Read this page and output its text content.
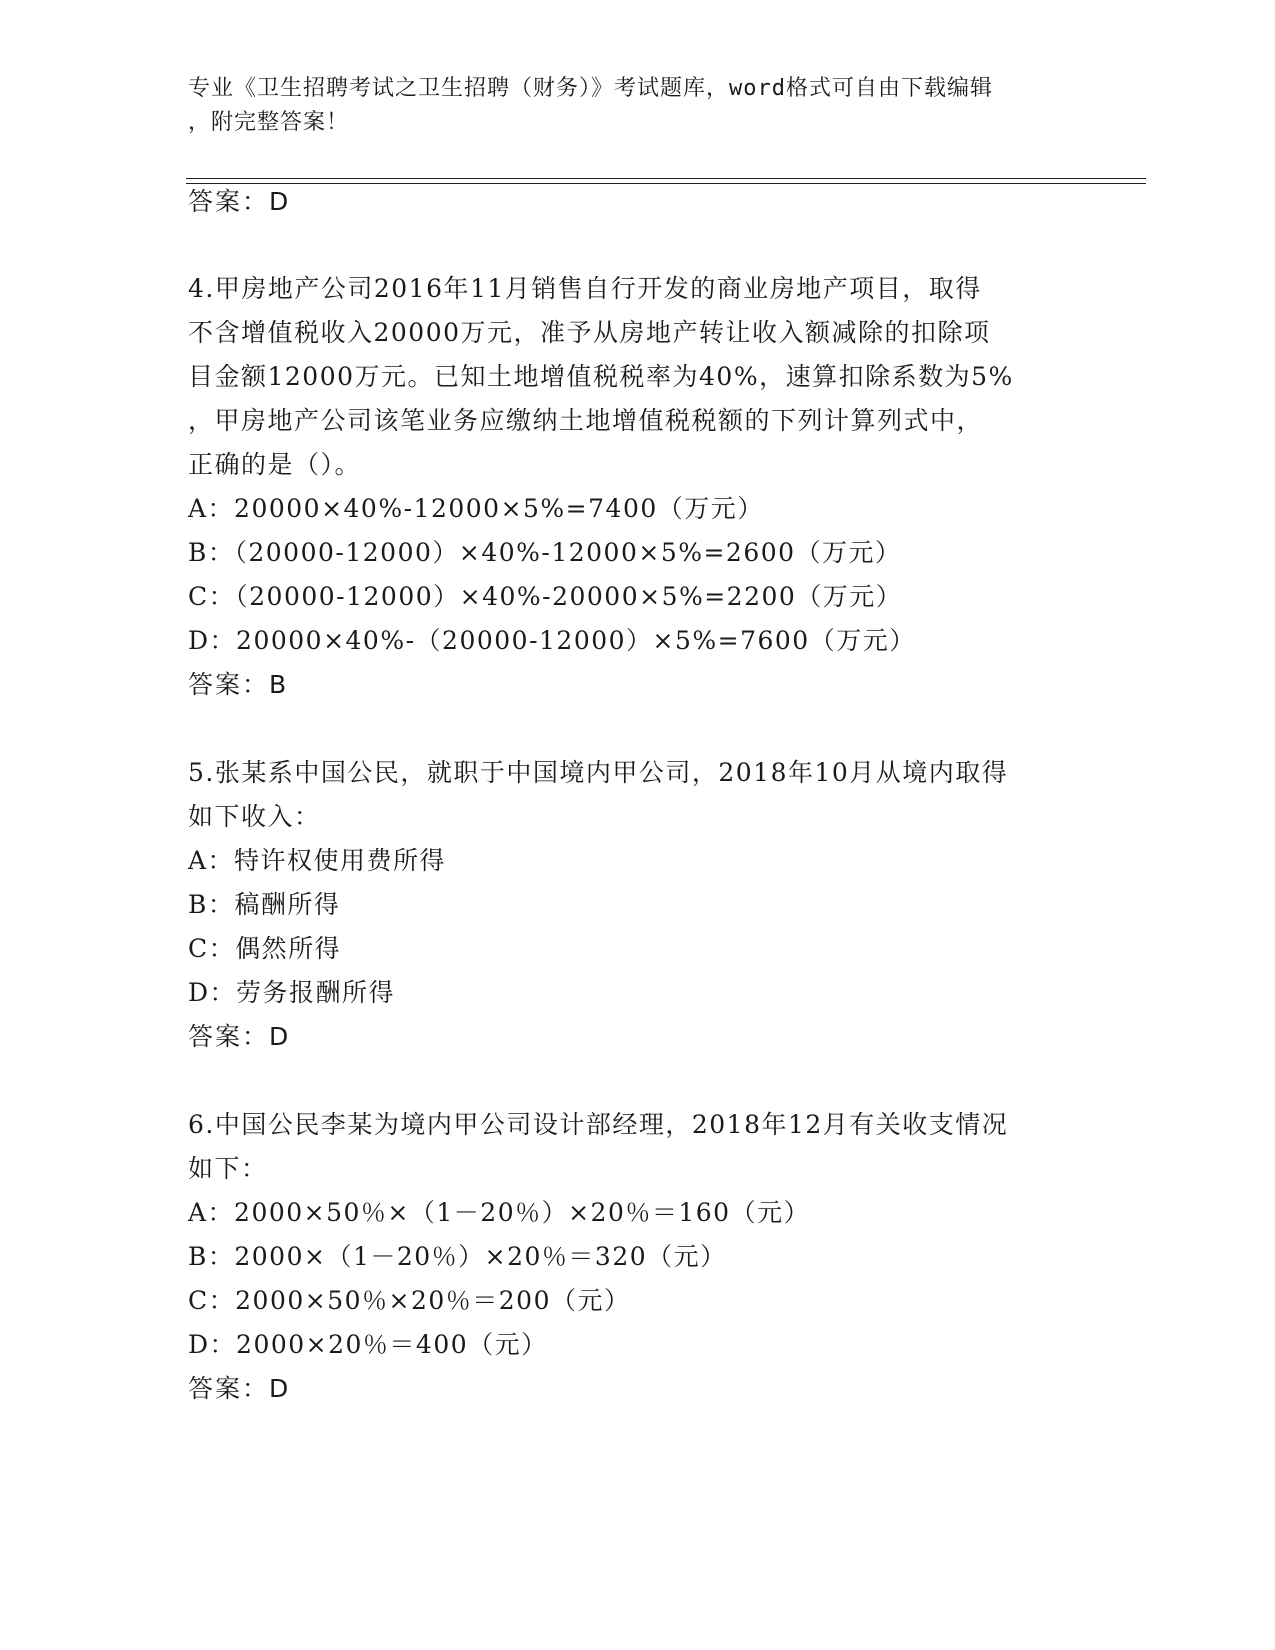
专业《卫生招聘考试之卫生招聘（财务）》考试题库，word格式可自由下载编辑
，附完整答案！
答案：D
4.甲房地产公司2016年11月销售自行开发的商业房地产项目，取得
不含增值税收入20000万元，准予从房地产转让收入额减除的扣除项
目金额12000万元。已知土地增值税税率为40%，速算扣除系数为5%
，甲房地产公司该笔业务应缴纳土地增值税税额的下列计算列式中，
正确的是（）。
A：20000×40%-12000×5%=7400（万元）
B：（20000-12000）×40%-12000×5%=2600（万元）
C：（20000-12000）×40%-20000×5%=2200（万元）
D：20000×40%-（20000-12000）×5%=7600（万元）
答案：B
5.张某系中国公民，就职于中国境内甲公司，2018年10月从境内取得
如下收入：
A：特许权使用费所得
B：稿酬所得
C：偶然所得
D：劳务报酬所得
答案：D
6.中国公民李某为境内甲公司设计部经理，2018年12月有关收支情况
如下：
A：2000×50％×（1－20％）×20％＝160（元）
B：2000×（1－20％）×20％＝320（元）
C：2000×50％×20％＝200（元）
D：2000×20％＝400（元）
答案：D
